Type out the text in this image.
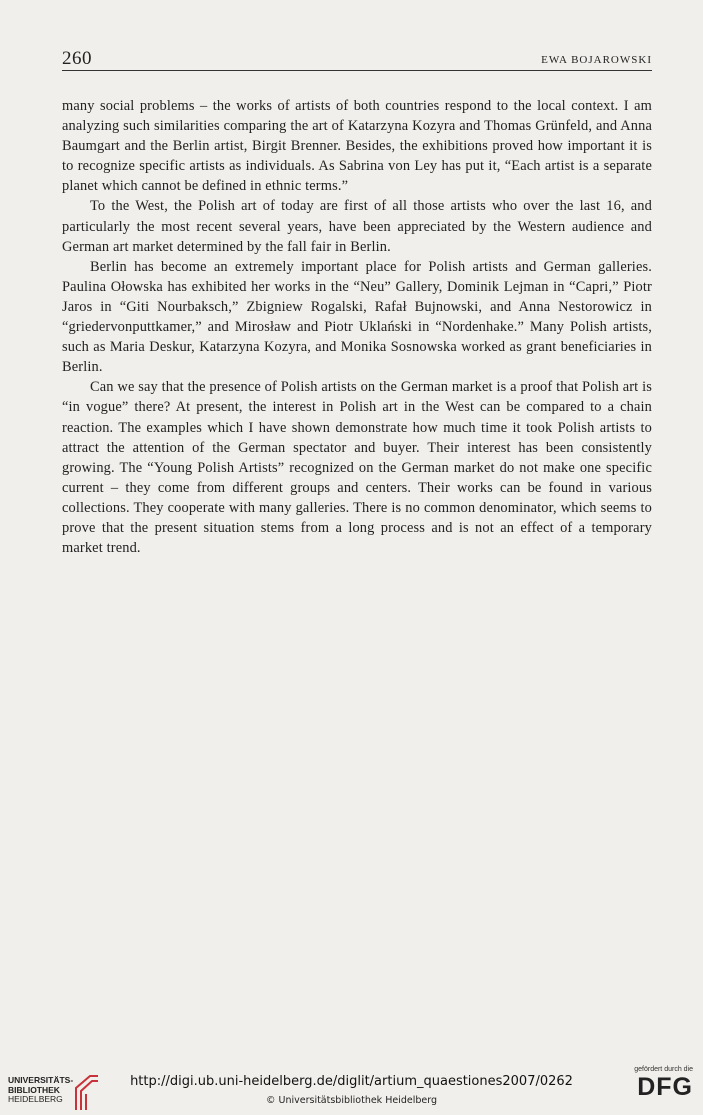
260	EWA BOJAROWSKI

many social problems – the works of artists of both countries respond to the local context. I am analyzing such similarities comparing the art of Katarzyna Kozyra and Thomas Grünfeld, and Anna Baumgart and the Berlin artist, Birgit Brenner. Besides, the exhibitions proved how important it is to recognize specific artists as individuals. As Sabrina von Ley has put it, “Each artist is a separate planet which cannot be defined in ethnic terms.”

To the West, the Polish art of today are first of all those artists who over the last 16, and particularly the most recent several years, have been appreciated by the Western audience and German art market determined by the fall fair in Berlin.

Berlin has become an extremely important place for Polish artists and German galleries. Paulina Ołowska has exhibited her works in the “Neu” Gallery, Dominik Lejman in “Capri,” Piotr Jaros in “Giti Nourbaksch,” Zbigniew Rogalski, Rafał Bujnowski, and Anna Nestorowicz in “griedervonputtkamer,” and Mirosław and Piotr Uklański in “Nordenhake.” Many Polish artists, such as Maria Deskur, Katarzyna Kozyra, and Monika Sosnowska worked as grant beneficiaries in Berlin.

Can we say that the presence of Polish artists on the German market is a proof that Polish art is “in vogue” there? At present, the interest in Polish art in the West can be compared to a chain reaction. The examples which I have shown demonstrate how much time it took Polish artists to attract the attention of the German spectator and buyer. Their interest has been consistently growing. The “Young Polish Artists” recognized on the German market do not make one specific current – they come from different groups and centers. Their works can be found in various collections. They cooperate with many galleries. There is no common denominator, which seems to prove that the present situation stems from a long process and is not an effect of a temporary market trend.

UNIVERSITÄTS-
BIBLIOTHEK
HEIDELBERG
http://digi.ub.uni-heidelberg.de/diglit/artium_quaestiones2007/0262
© Universitätsbibliothek Heidelberg
gefördert durch die
DFG
